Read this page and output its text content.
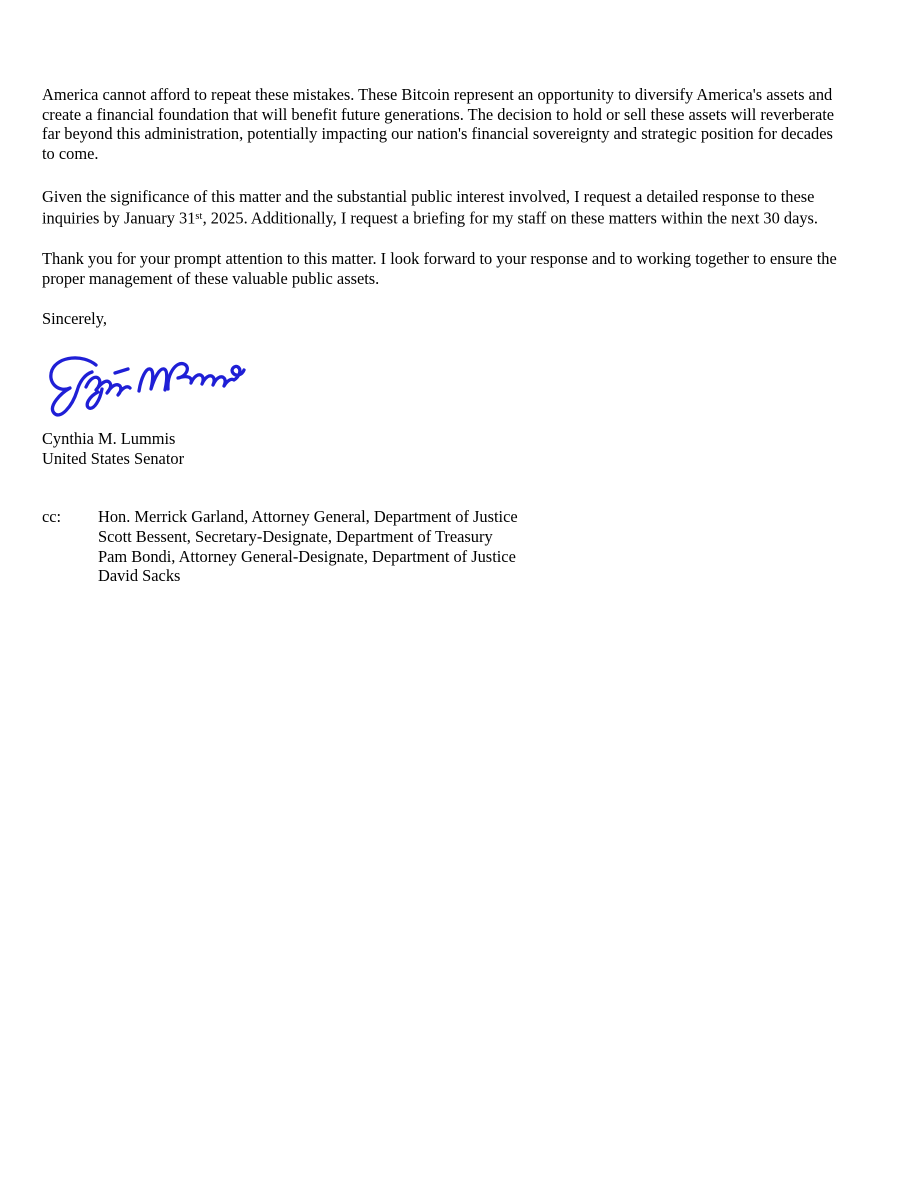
America cannot afford to repeat these mistakes. These Bitcoin represent an opportunity to diversify America's assets and
create a financial foundation that will benefit future generations. The decision to hold or sell these assets will reverberate
far beyond this administration, potentially impacting our nation's financial sovereignty and strategic position for decades
to come.
Given the significance of this matter and the substantial public interest involved, I request a detailed response to these
inquiries by January 31st, 2025. Additionally, I request a briefing for my staff on these matters within the next 30 days.
Thank you for your prompt attention to this matter. I look forward to your response and to working together to ensure the
proper management of these valuable public assets.
Sincerely,
Cynthia M. Lummis
United States Senator
cc:	Hon. Merrick Garland, Attorney General, Department of Justice
Scott Bessent, Secretary-Designate, Department of Treasury
Pam Bondi, Attorney General-Designate, Department of Justice
David Sacks
